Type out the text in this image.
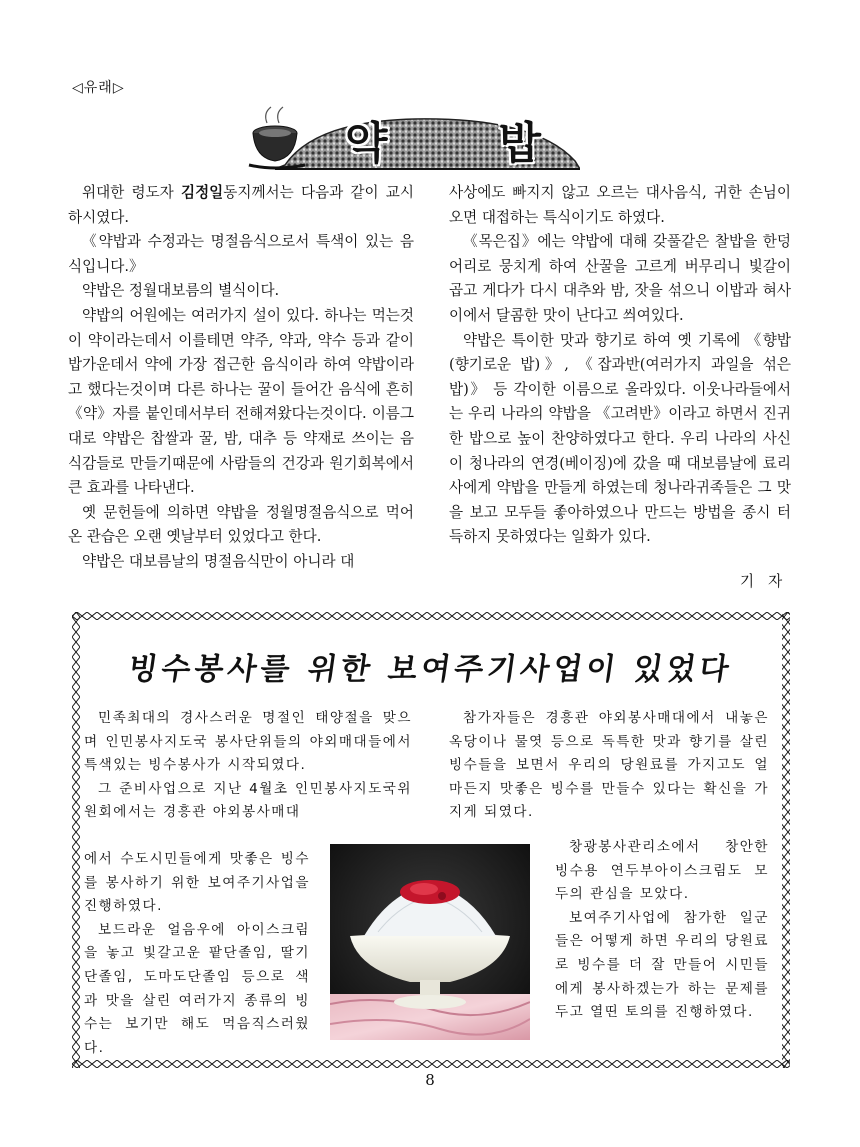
◁유래▷
약	밥

위대한 령도자 김정일동지께서는 다음과 같이 교시하시였다.

《약밥과 수정과는 명절음식으로서 특색이 있는 음식입니다.》

약밥은 정월대보름의 별식이다.

약밥의 어원에는 여러가지 설이 있다. 하나는 먹는것이 약이라는데서 이를테면 약주, 약과, 약수 등과 같이 밥가운데서 약에 가장 접근한 음식이라 하여 약밥이라고 했다는것이며 다른 하나는 꿀이 들어간 음식에 흔히 《약》자를 붙인데서부터 전해져왔다는것이다. 이름그대로 약밥은 찹쌀과 꿀, 밤, 대추 등 약재로 쓰이는 음식감들로 만들기때문에 사람들의 건강과 원기회복에서 큰 효과를 나타낸다.

옛 문헌들에 의하면 약밥을 정월명절음식으로 먹어온 관습은 오랜 옛날부터 있었다고 한다.

약밥은 대보름날의 명절음식만이 아니라 대

사상에도 빠지지 않고 오르는 대사음식, 귀한 손님이 오면 대접하는 특식이기도 하였다.

《목은집》에는 약밥에 대해 갖풀같은 찰밥을 한덩어리로 뭉치게 하여 산꿀을 고르게 버무리니 빛갈이 곱고 게다가 다시 대추와 밤, 잣을 섞으니 이밥과 혀사이에서 달콤한 맛이 난다고 씌여있다.

약밥은 특이한 맛과 향기로 하여 옛 기록에 《향밥(향기로운 밥)》, 《잡과반(여러가지 과일을 섞은 밥)》 등 각이한 이름으로 올라있다. 이웃나라들에서는 우리 나라의 약밥을 《고려반》이라고 하면서 진귀한 밥으로 높이 찬양하였다고 한다. 우리 나라의 사신이 청나라의 연경(베이징)에 갔을 때 대보름날에 료리사에게 약밥을 만들게 하였는데 청나라귀족들은 그 맛을 보고 모두들 좋아하였으나 만드는 방법을 종시 터득하지 못하였다는 일화가 있다.

기자
빙수봉사를 위한 보여주기사업이 있었다

민족최대의 경사스러운 명절인 태양절을 맞으며 인민봉사지도국 봉사단위들의 야외매대들에서 특색있는 빙수봉사가 시작되였다.

그 준비사업으로 지난 4월초 인민봉사지도국위원회에서는 경흥관 야외봉사매대

에서 수도시민들에게 맛좋은 빙수를 봉사하기 위한 보여주기사업을 진행하였다.

보드라운 얼음우에 아이스크림을 놓고 빛갈고운 팥단졸임, 딸기단졸임, 도마도단졸임 등으로 색과 맛을 살린 여러가지 종류의 빙수는 보기만 해도 먹음직스러웠다.

참가자들은 경흥관 야외봉사매대에서 내놓은 옥당이나 물엿 등으로 독특한 맛과 향기를 살린 빙수들을 보면서 우리의 당원료를 가지고도 얼마든지 맛좋은 빙수를 만들수 있다는 확신을 가지게 되였다.

창광봉사관리소에서 창안한 빙수용 연두부아이스크림도 모두의 관심을 모았다.

보여주기사업에 참가한 일군들은 어떻게 하면 우리의 당원료로 빙수를 더 잘 만들어 시민들에게 봉사하겠는가 하는 문제를 두고 열띤 토의를 진행하였다.

8
